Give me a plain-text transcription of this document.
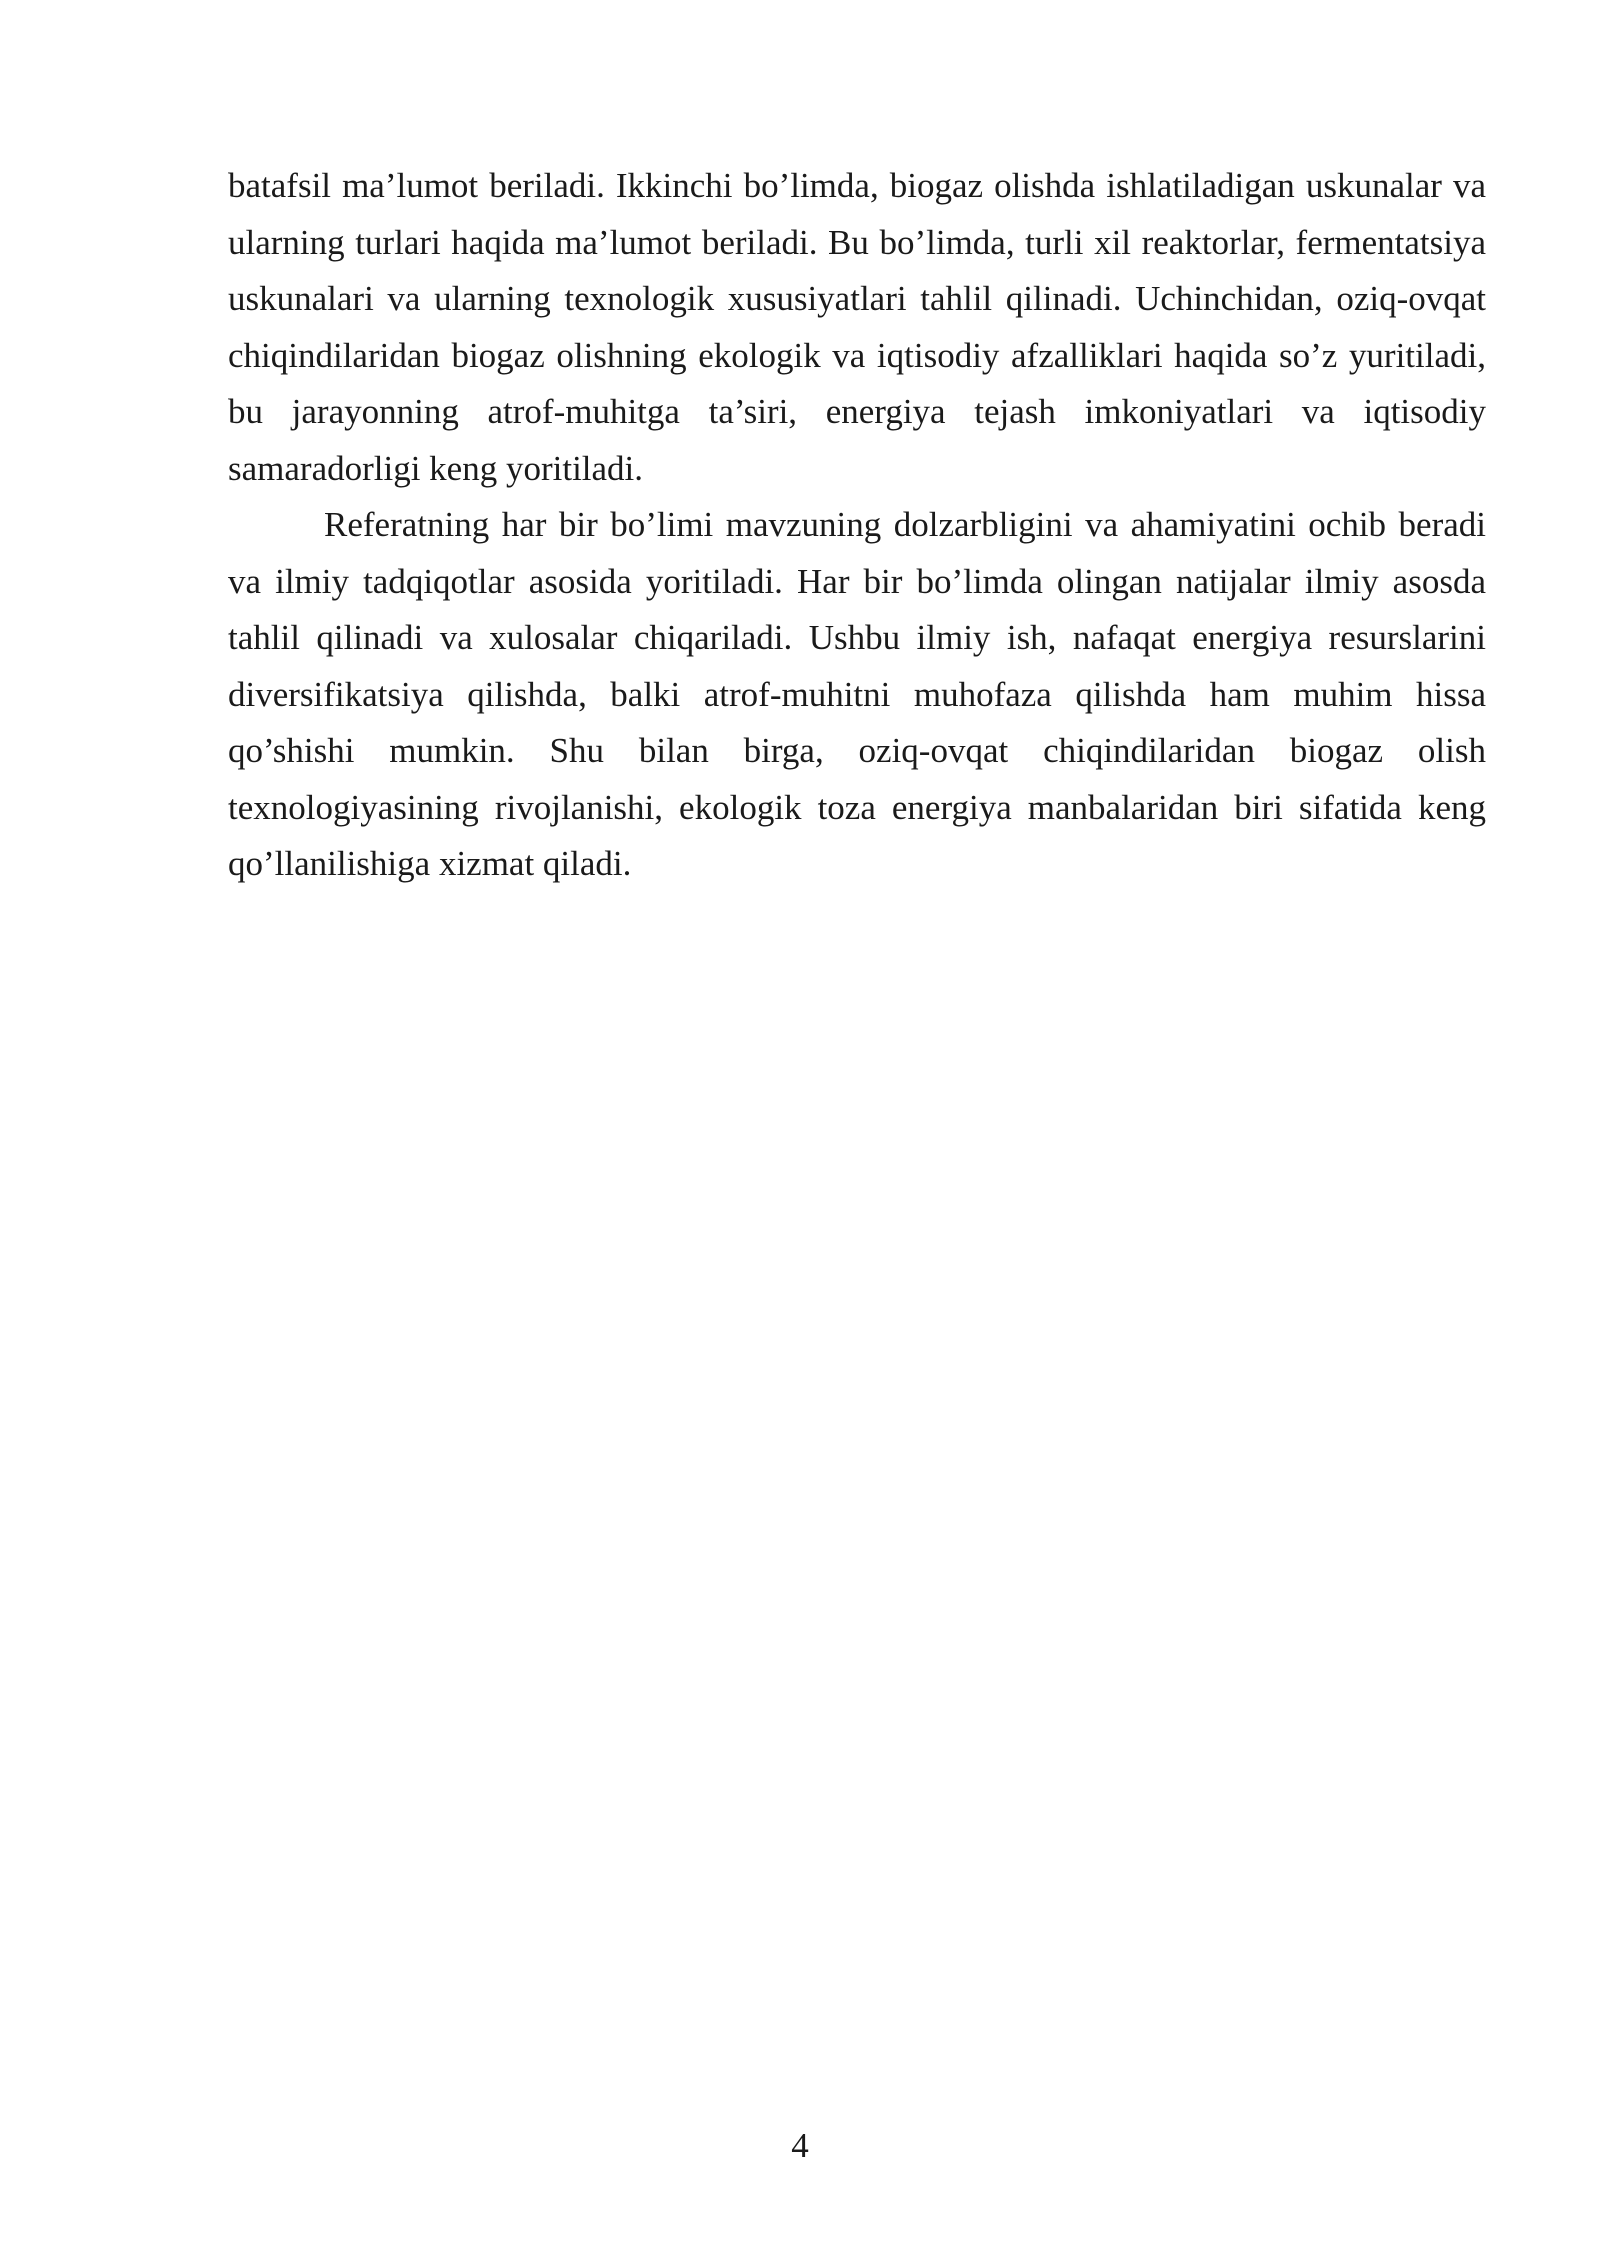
batafsil ma’lumot beriladi. Ikkinchi bo’limda, biogaz olishda ishlatiladigan uskunalar va ularning turlari haqida ma’lumot beriladi. Bu bo’limda, turli xil reaktorlar, fermentatsiya uskunalari va ularning texnologik xususiyatlari tahlil qilinadi. Uchinchidan, oziq-ovqat chiqindilaridan biogaz olishning ekologik va iqtisodiy afzalliklari haqida so’z yuritiladi, bu jarayonning atrof-muhitga ta’siri, energiya tejash imkoniyatlari va iqtisodiy samaradorligi keng yoritiladi.

Referatning har bir bo’limi mavzuning dolzarbligini va ahamiyatini ochib beradi va ilmiy tadqiqotlar asosida yoritiladi. Har bir bo’limda olingan natijalar ilmiy asosda tahlil qilinadi va xulosalar chiqariladi. Ushbu ilmiy ish, nafaqat energiya resurslarini diversifikatsiya qilishda, balki atrof-muhitni muhofaza qilishda ham muhim hissa qo’shishi mumkin. Shu bilan birga, oziq-ovqat chiqindilaridan biogaz olish texnologiyasining rivojlanishi, ekologik toza energiya manbalaridan biri sifatida keng qo’llanilishiga xizmat qiladi.

4
